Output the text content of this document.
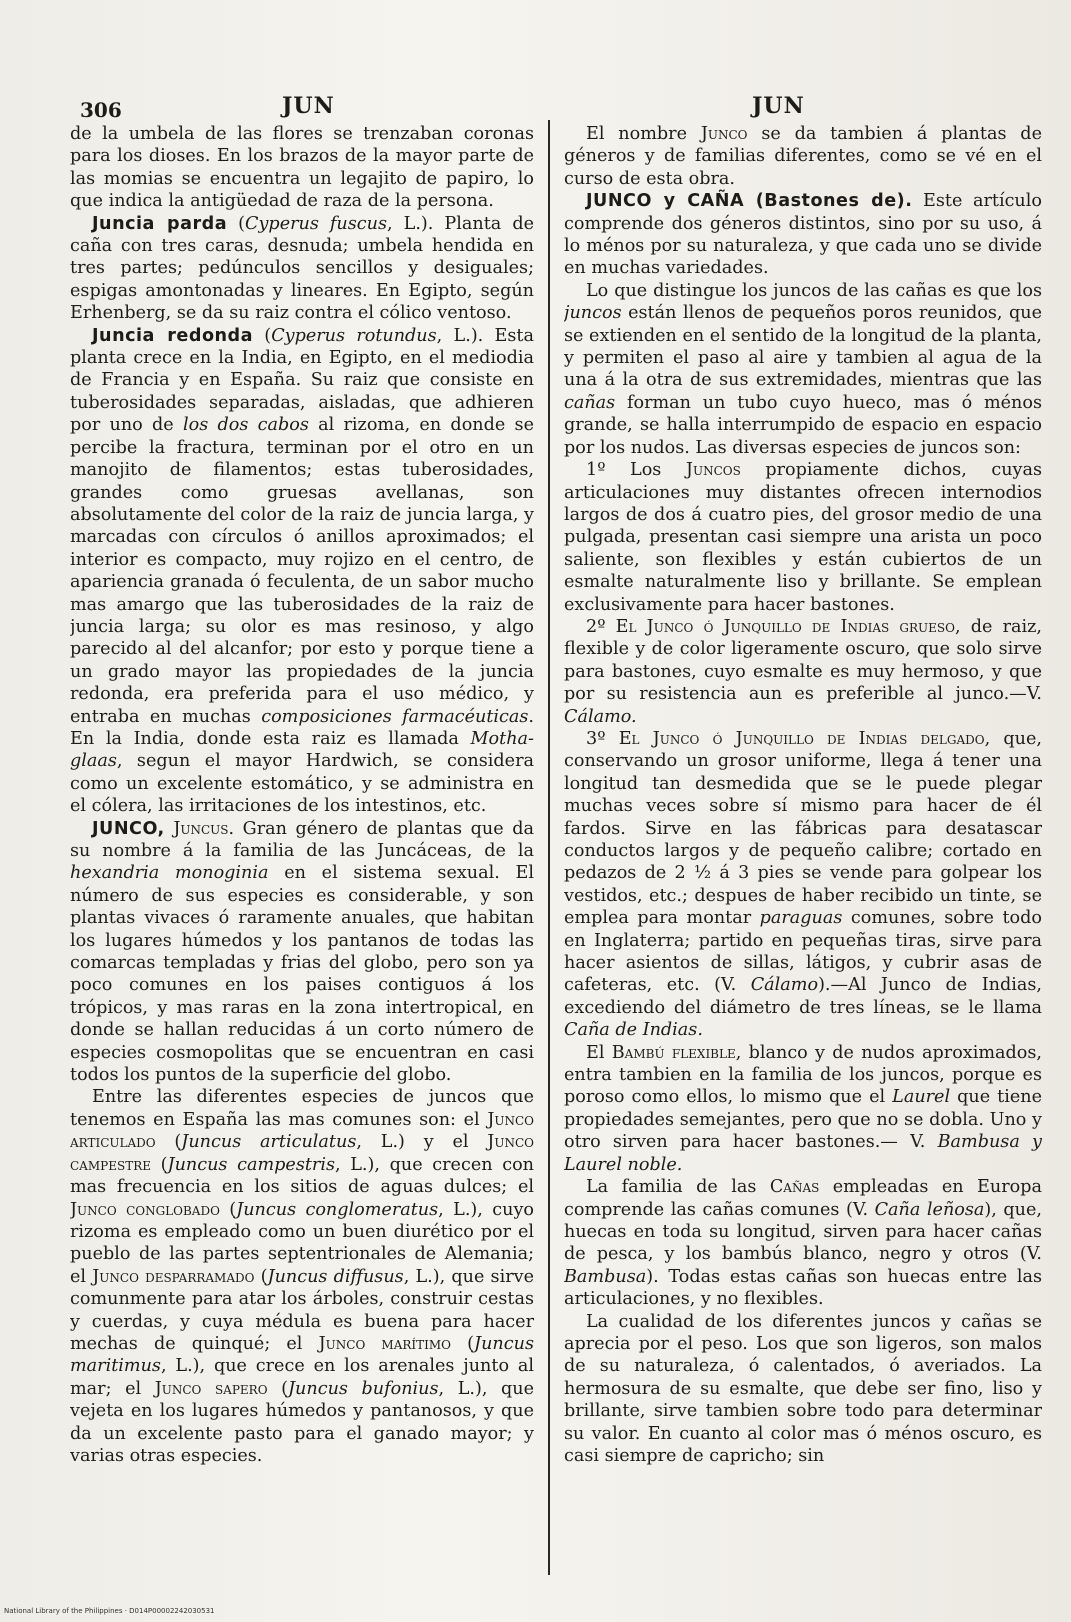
306	JUN	JUN

de la umbela de las flores se trenzaban coronas para los dioses. En los brazos de la mayor parte de las momias se encuentra un legajito de papiro, lo que indica la antigüedad de raza de la persona.

Juncia parda (Cyperus fuscus, L.). Planta de caña con tres caras, desnuda; umbela hendida en tres partes; pedúnculos sencillos y desiguales; espigas amontonadas y lineares. En Egipto, según Erhenberg, se da su raiz contra el cólico ventoso.

Juncia redonda (Cyperus rotundus, L.). Esta planta crece en la India, en Egipto, en el mediodia de Francia y en España. Su raiz que consiste en tuberosidades separadas, aisladas, que adhieren por uno de los dos cabos al rizoma, en donde se percibe la fractura, terminan por el otro en un manojito de filamentos; estas tuberosidades, grandes como gruesas avellanas, son absolutamente del color de la raiz de juncia larga, y marcadas con círculos ó anillos aproximados; el interior es compacto, muy rojizo en el centro, de apariencia granada ó feculenta, de un sabor mucho mas amargo que las tuberosidades de la raiz de juncia larga; su olor es mas resinoso, y algo parecido al del alcanfor; por esto y porque tiene a un grado mayor las propiedades de la juncia redonda, era preferida para el uso médico, y entraba en muchas composiciones farmacéuticas. En la India, donde esta raiz es llamada Motha-glaas, segun el mayor Hardwich, se considera como un excelente estomático, y se administra en el cólera, las irritaciones de los intestinos, etc.

JUNCO, Juncus. Gran género de plantas que da su nombre á la familia de las Juncáceas, de la hexandria monoginia en el sistema sexual. El número de sus especies es considerable, y son plantas vivaces ó raramente anuales, que habitan los lugares húmedos y los pantanos de todas las comarcas templadas y frias del globo, pero son ya poco comunes en los paises contiguos á los trópicos, y mas raras en la zona intertropical, en donde se hallan reducidas á un corto número de especies cosmopolitas que se encuentran en casi todos los puntos de la superficie del globo.

Entre las diferentes especies de juncos que tenemos en España las mas comunes son: el Junco articulado (Juncus articulatus, L.) y el Junco campestre (Juncus campestris, L.), que crecen con mas frecuencia en los sitios de aguas dulces; el Junco conglobado (Juncus conglomeratus, L.), cuyo rizoma es empleado como un buen diurético por el pueblo de las partes septentrionales de Alemania; el Junco desparramado (Juncus diffusus, L.), que sirve comunmente para atar los árboles, construir cestas y cuerdas, y cuya médula es buena para hacer mechas de quinqué; el Junco marítimo (Juncus maritimus, L.), que crece en los arenales junto al mar; el Junco sapero (Juncus bufonius, L.), que vejeta en los lugares húmedos y pantanosos, y que da un excelente pasto para el ganado mayor; y varias otras especies.

El nombre Junco se da tambien á plantas de géneros y de familias diferentes, como se vé en el curso de esta obra.

JUNCO y CAÑA (Bastones de). Este artículo comprende dos géneros distintos, sino por su uso, á lo ménos por su naturaleza, y que cada uno se divide en muchas variedades.

Lo que distingue los juncos de las cañas es que los juncos están llenos de pequeños poros reunidos, que se extienden en el sentido de la longitud de la planta, y permiten el paso al aire y tambien al agua de la una á la otra de sus extremidades, mientras que las cañas forman un tubo cuyo hueco, mas ó ménos grande, se halla interrumpido de espacio en espacio por los nudos. Las diversas especies de juncos son:

1º Los Juncos propiamente dichos, cuyas articulaciones muy distantes ofrecen internodios largos de dos á cuatro pies, del grosor medio de una pulgada, presentan casi siempre una arista un poco saliente, son flexibles y están cubiertos de un esmalte naturalmente liso y brillante. Se emplean exclusivamente para hacer bastones.

2º El Junco ó Junquillo de Indias grueso, de raiz, flexible y de color ligeramente oscuro, que solo sirve para bastones, cuyo esmalte es muy hermoso, y que por su resistencia aun es preferible al junco.—V. Cálamo.

3º El Junco ó Junquillo de Indias delgado, que, conservando un grosor uniforme, llega á tener una longitud tan desmedida que se le puede plegar muchas veces sobre sí mismo para hacer de él fardos. Sirve en las fábricas para desatascar conductos largos y de pequeño calibre; cortado en pedazos de 2 ½ á 3 pies se vende para golpear los vestidos, etc.; despues de haber recibido un tinte, se emplea para montar paraguas comunes, sobre todo en Inglaterra; partido en pequeñas tiras, sirve para hacer asientos de sillas, látigos, y cubrir asas de cafeteras, etc. (V. Cálamo).—Al Junco de Indias, excediendo del diámetro de tres líneas, se le llama Caña de Indias.

El Bambú flexible, blanco y de nudos aproximados, entra tambien en la familia de los juncos, porque es poroso como ellos, lo mismo que el Laurel que tiene propiedades semejantes, pero que no se dobla. Uno y otro sirven para hacer bastones.— V. Bambusa y Laurel noble.

La familia de las Cañas empleadas en Europa comprende las cañas comunes (V. Caña leñosa), que, huecas en toda su longitud, sirven para hacer cañas de pesca, y los bambús blanco, negro y otros (V. Bambusa). Todas estas cañas son huecas entre las articulaciones, y no flexibles.

La cualidad de los diferentes juncos y cañas se aprecia por el peso. Los que son ligeros, son malos de su naturaleza, ó calentados, ó averiados. La hermosura de su esmalte, que debe ser fino, liso y brillante, sirve tambien sobre todo para determinar su valor. En cuanto al color mas ó ménos oscuro, es casi siempre de capricho; sin

National Library of the Philippines · D014P00002242030531
